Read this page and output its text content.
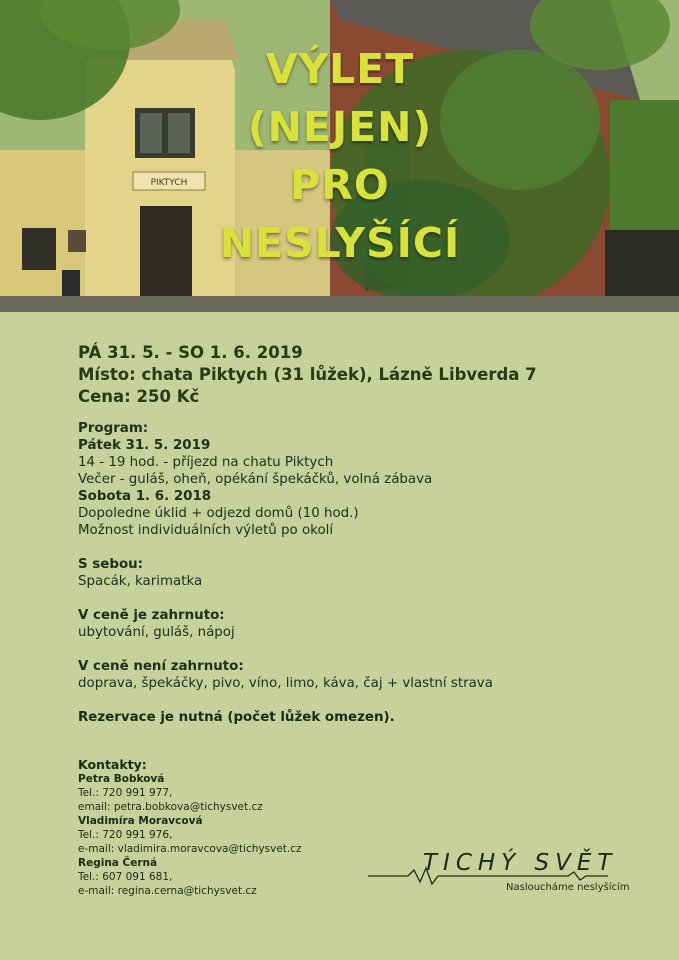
PIKTYCH
VÝLET
(NEJEN)
PRO
NESLYŠÍCÍ
PÁ 31. 5. - SO 1. 6. 2019
Místo: chata Piktych (31 lůžek), Lázně Libverda 7
Cena: 250 Kč
Program:
Pátek 31. 5. 2019
14 - 19 hod. - příjezd na chatu Piktych
Večer - guláš, oheň, opékání špekáčků, volná zábava
Sobota 1. 6. 2018
Dopoledne úklid + odjezd domů (10 hod.)
Možnost individuálních výletů po okolí
S sebou:
Spacák, karimatka
V ceně je zahrnuto:
ubytování, guláš, nápoj
V ceně není zahrnuto:
doprava, špekáčky, pivo, víno, limo, káva, čaj + vlastní strava
Rezervace je nutná (počet lůžek omezen).
Kontakty:
Petra Bobková
Tel.: 720 991 977,
email: petra.bobkova@tichysvet.cz
Vladimíra Moravcová
Tel.: 720 991 976,
e-mail: vladimira.moravcova@tichysvet.cz
Regina Černá
Tel.: 607 091 681,
e-mail: regina.cerna@tichysvet.cz
TICHÝ SVĚT
Nasloucháme neslyšícím
